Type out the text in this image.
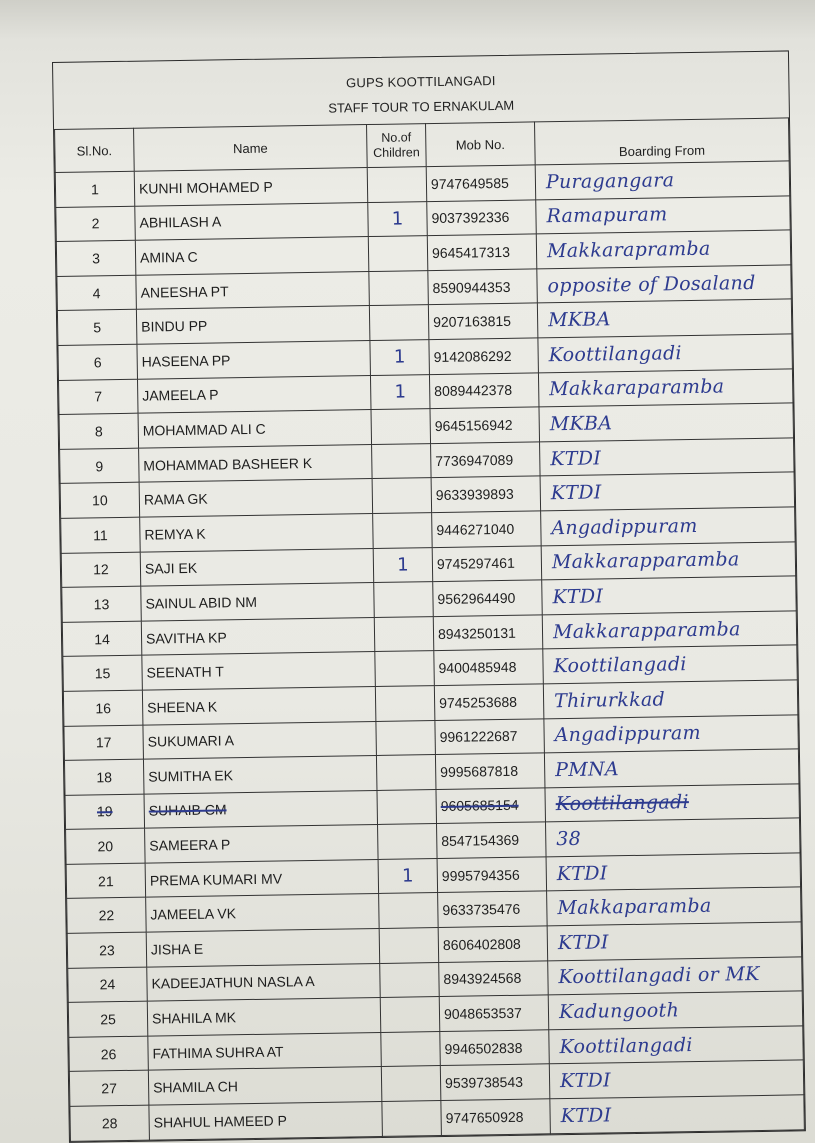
GUPS KOOTTILANGADI
STAFF TOUR TO ERNAKULAM
Sl.No.	Name	No.of Children	Mob No.	Boarding From
1	KUNHI MOHAMED P		9747649585	Puragangara
2	ABHILASH A	1	9037392336	Ramapuram
3	AMINA C		9645417313	Makkarapramba
4	ANEESHA PT		8590944353	opposite of Dosaland
5	BINDU PP		9207163815	MKBA
6	HASEENA PP	1	9142086292	Koottilangadi
7	JAMEELA P	1	8089442378	Makkaraparamba
8	MOHAMMAD ALI C		9645156942	MKBA
9	MOHAMMAD BASHEER K		7736947089	KTDI
10	RAMA GK		9633939893	KTDI
11	REMYA K		9446271040	Angadippuram
12	SAJI EK	1	9745297461	Makkarapparamba
13	SAINUL ABID NM		9562964490	KTDI
14	SAVITHA KP		8943250131	Makkarapparamba
15	SEENATH T		9400485948	Koottilangadi
16	SHEENA K		9745253688	Thirurkkad
17	SUKUMARI A		9961222687	Angadippuram
18	SUMITHA EK		9995687818	PMNA
19	SUHAIB CM		9605685154	Koottilangadi
20	SAMEERA P		8547154369	38
21	PREMA KUMARI MV	1	9995794356	KTDI
22	JAMEELA VK		9633735476	Makkaparamba
23	JISHA E		8606402808	KTDI
24	KADEEJATHUN NASLA A		8943924568	Koottilangadi or MK
25	SHAHILA MK		9048653537	Kadungooth
26	FATHIMA SUHRA AT		9946502838	Koottilangadi
27	SHAMILA CH		9539738543	KTDI
28	SHAHUL HAMEED P		9747650928	KTDI
